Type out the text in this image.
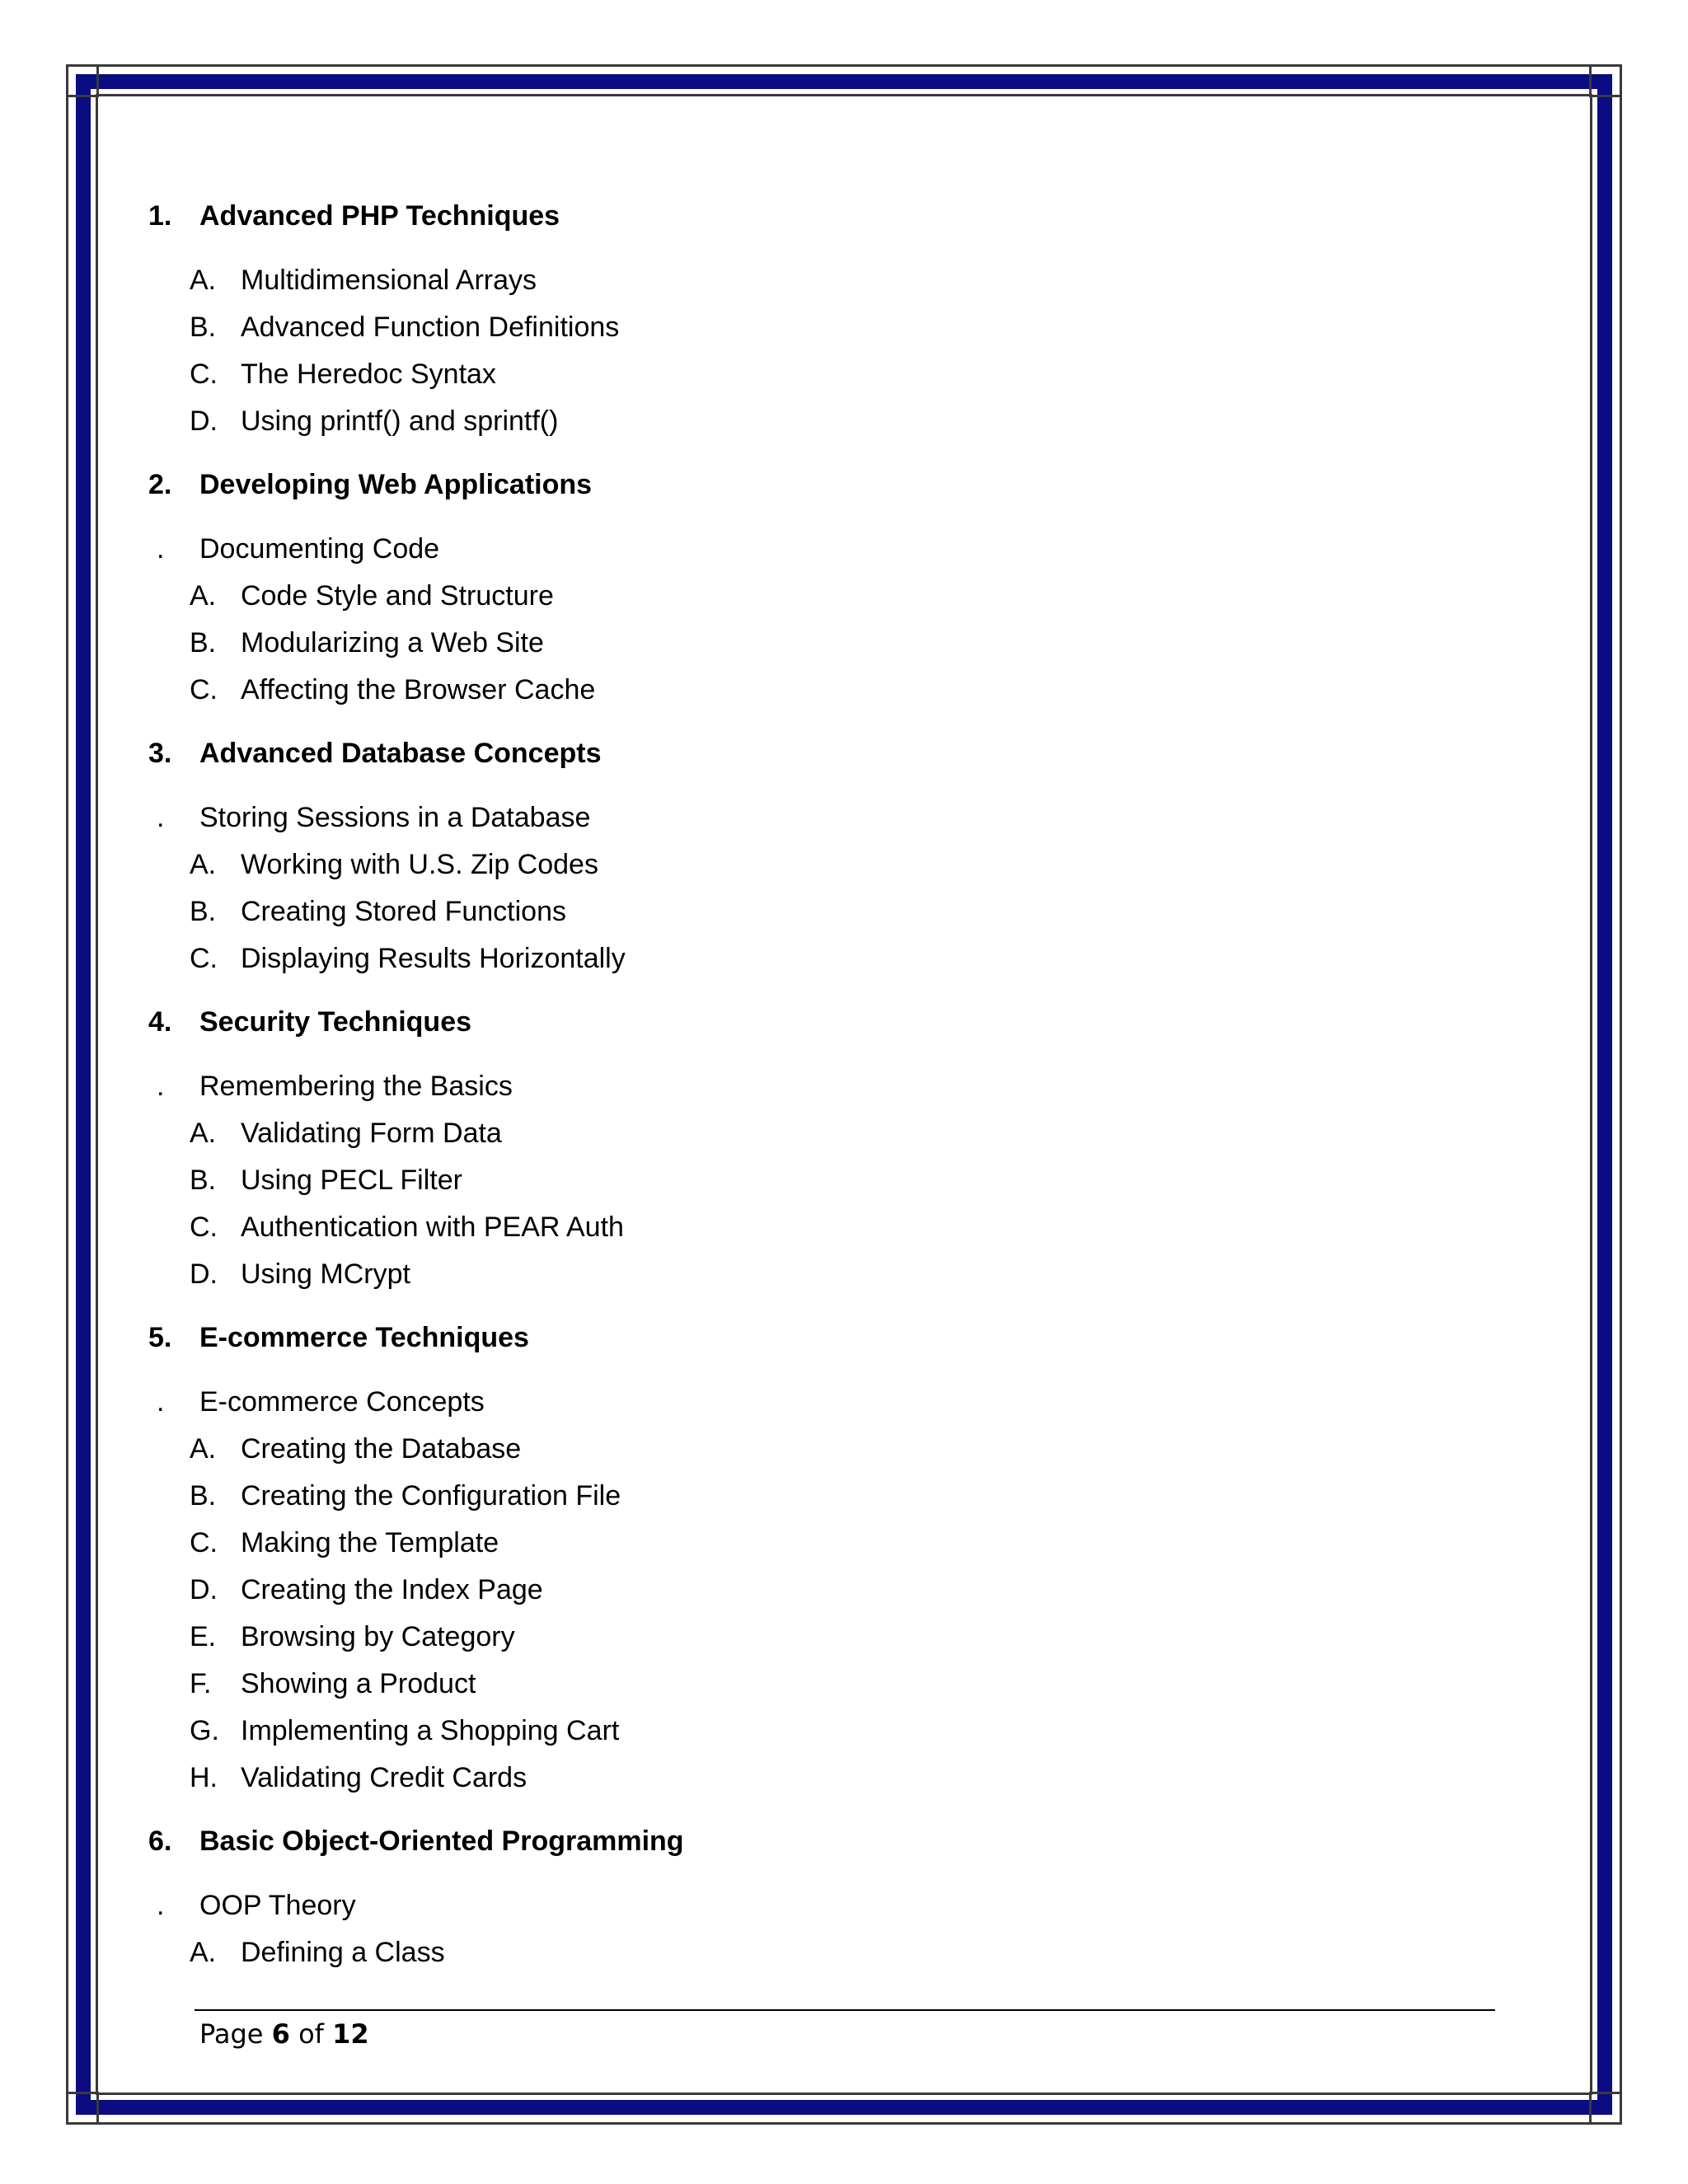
1. Advanced PHP Techniques
A. Multidimensional Arrays
B. Advanced Function Definitions
C. The Heredoc Syntax
D. Using printf() and sprintf()
2. Developing Web Applications
.	Documenting Code
A. Code Style and Structure
B. Modularizing a Web Site
C. Affecting the Browser Cache
3. Advanced Database Concepts
.	Storing Sessions in a Database
A. Working with U.S. Zip Codes
B. Creating Stored Functions
C. Displaying Results Horizontally
4. Security Techniques
.	Remembering the Basics
A. Validating Form Data
B. Using PECL Filter
C. Authentication with PEAR Auth
D. Using MCrypt
5. E-commerce Techniques
.	E-commerce Concepts
A. Creating the Database
B. Creating the Configuration File
C. Making the Template
D. Creating the Index Page
E. Browsing by Category
F.	Showing a Product
G. Implementing a Shopping Cart
H. Validating Credit Cards
6. Basic Object-Oriented Programming
.	OOP Theory
A. Defining a Class
Page 6 of 12
